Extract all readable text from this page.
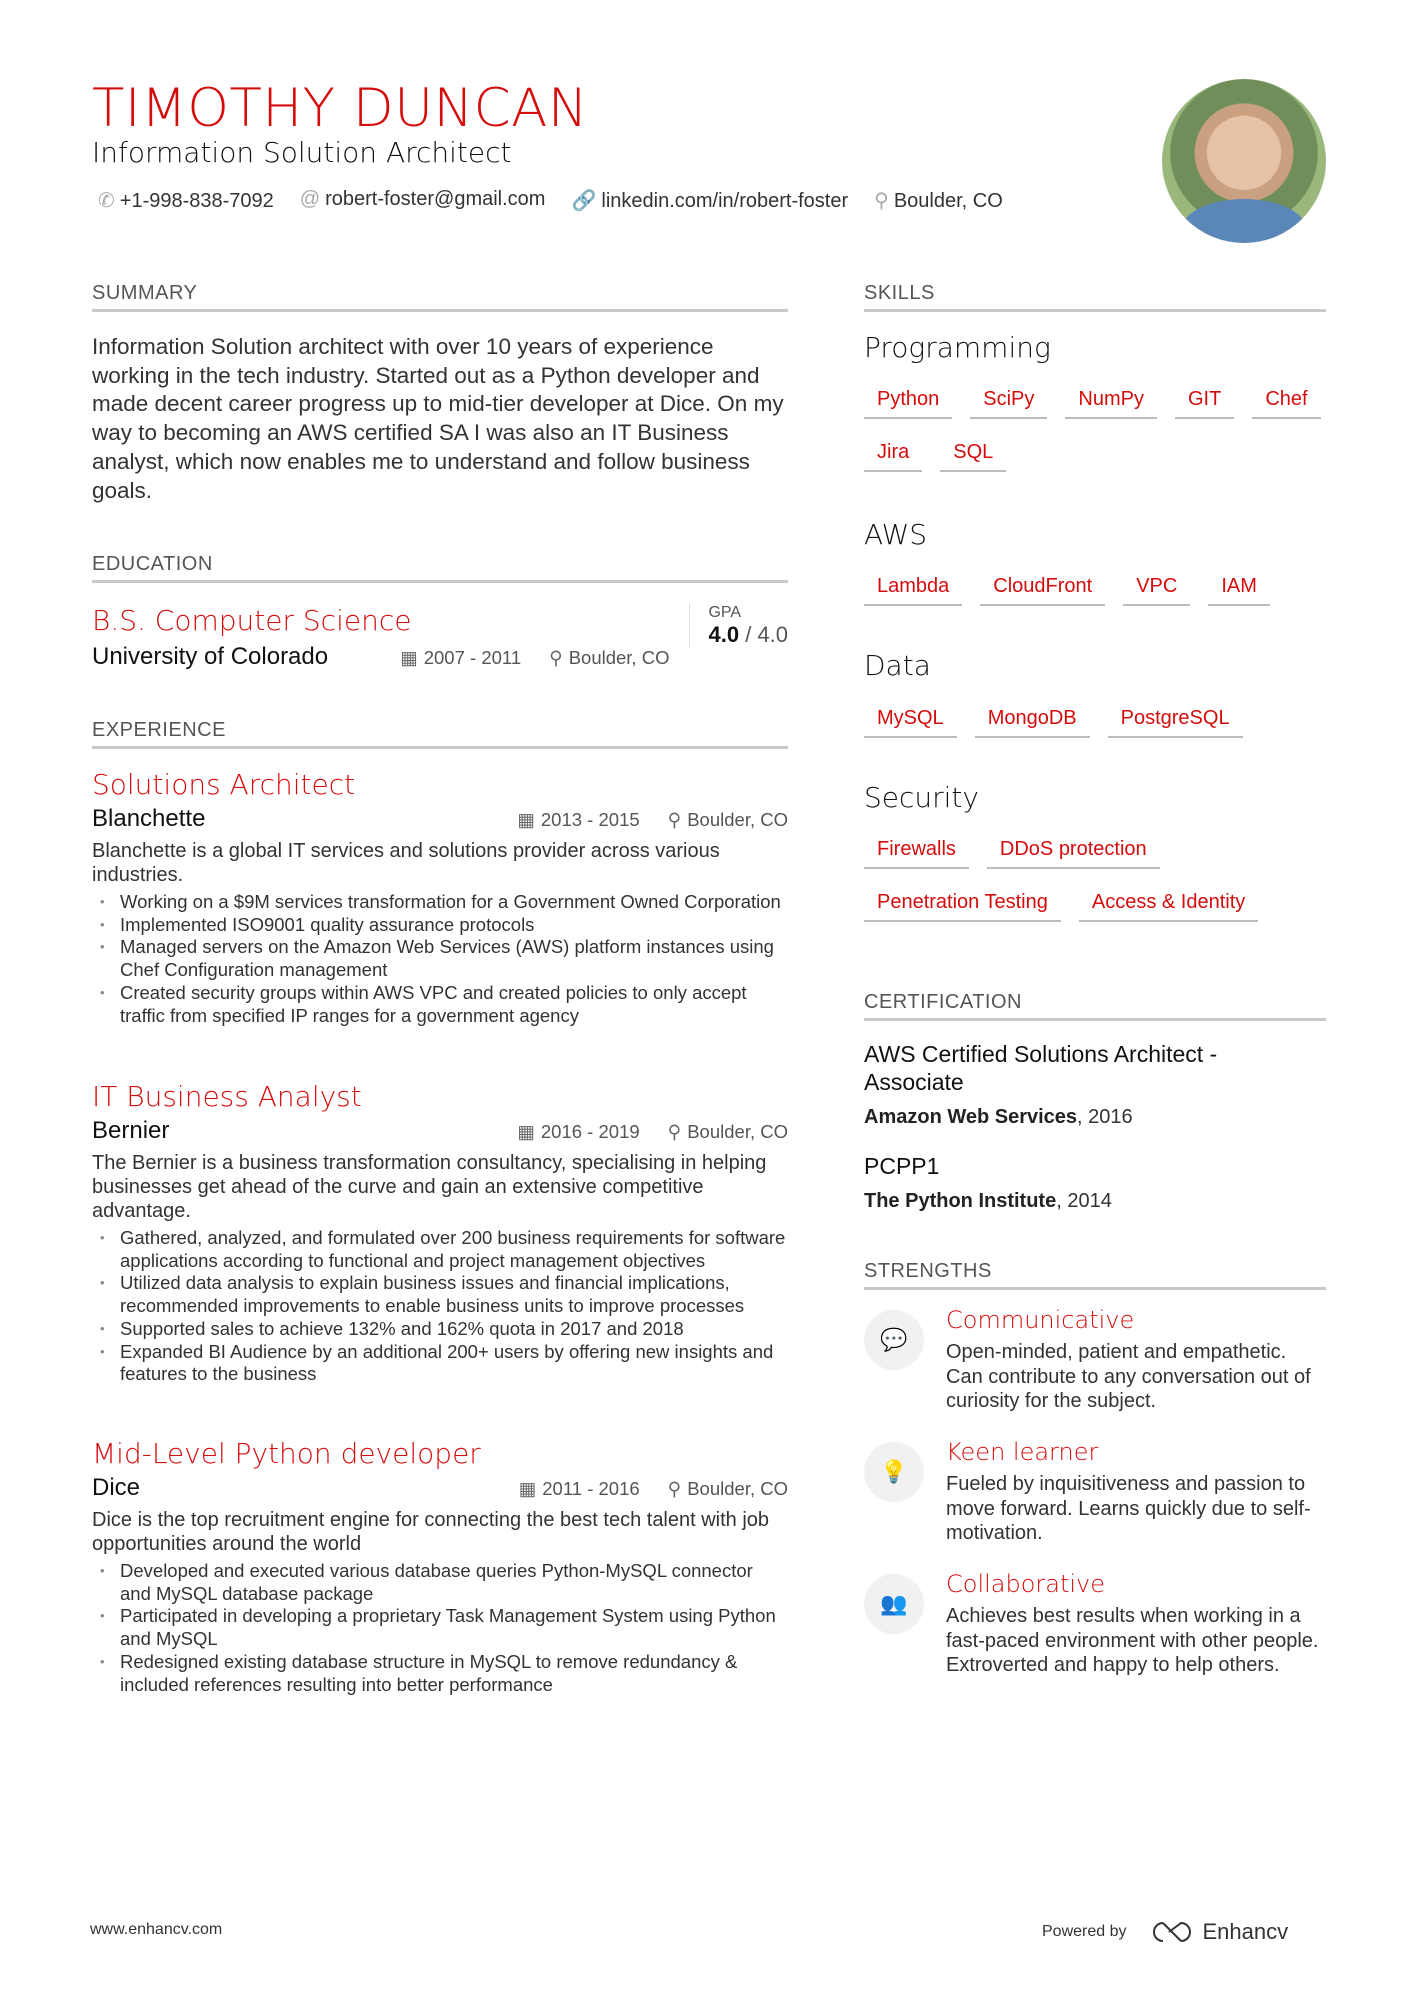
TIMOTHY DUNCAN
Information Solution Architect
✆ +1-998-838-7092 @ robert-foster@gmail.com 🔗 linkedin.com/in/robert-foster ⚲ Boulder, CO
SUMMARY
Information Solution architect with over 10 years of experience working in the tech industry. Started out as a Python developer and made decent career progress up to mid-tier developer at Dice. On my way to becoming an AWS certified SA I was also an IT Business analyst, which now enables me to understand and follow business goals.
EDUCATION
B.S. Computer Science
University of Colorado	▦ 2007 - 2011 ⚲ Boulder, CO
GPA
4.0 / 4.0
EXPERIENCE
Solutions Architect
Blanchette	▦ 2013 - 2015 ⚲ Boulder, CO
Blanchette is a global IT services and solutions provider across various industries.
• Working on a $9M services transformation for a Government Owned Corporation
• Implemented ISO9001 quality assurance protocols
• Managed servers on the Amazon Web Services (AWS) platform instances using Chef Configuration management
• Created security groups within AWS VPC and created policies to only accept traffic from specified IP ranges for a government agency
IT Business Analyst
Bernier	▦ 2016 - 2019 ⚲ Boulder, CO
The Bernier is a business transformation consultancy, specialising in helping businesses get ahead of the curve and gain an extensive competitive advantage.
• Gathered, analyzed, and formulated over 200 business requirements for software applications according to functional and project management objectives
• Utilized data analysis to explain business issues and financial implications, recommended improvements to enable business units to improve processes
• Supported sales to achieve 132% and 162% quota in 2017 and 2018
• Expanded BI Audience by an additional 200+ users by offering new insights and features to the business
Mid-Level Python developer
Dice	▦ 2011 - 2016 ⚲ Boulder, CO
Dice is the top recruitment engine for connecting the best tech talent with job opportunities around the world
• Developed and executed various database queries Python-MySQL connector and MySQL database package
• Participated in developing a proprietary Task Management System using Python and MySQL
• Redesigned existing database structure in MySQL to remove redundancy & included references resulting into better performance
SKILLS
Programming
Python	SciPy	NumPy	GIT	Chef
Jira	SQL
AWS
Lambda	CloudFront	VPC	IAM
Data
MySQL	MongoDB	PostgreSQL
Security
Firewalls	DDoS protection
Penetration Testing	Access & Identity
CERTIFICATION
AWS Certified Solutions Architect - Associate
Amazon Web Services, 2016
PCPP1
The Python Institute, 2014
STRENGTHS
💬
Communicative
Open-minded, patient and empathetic. Can contribute to any conversation out of curiosity for the subject.
💡
Keen learner
Fueled by inquisitiveness and passion to move forward. Learns quickly due to self-motivation.
👥
Collaborative
Achieves best results when working in a fast-paced environment with other people. Extroverted and happy to help others.
www.enhancv.com	Powered by	Enhancv
